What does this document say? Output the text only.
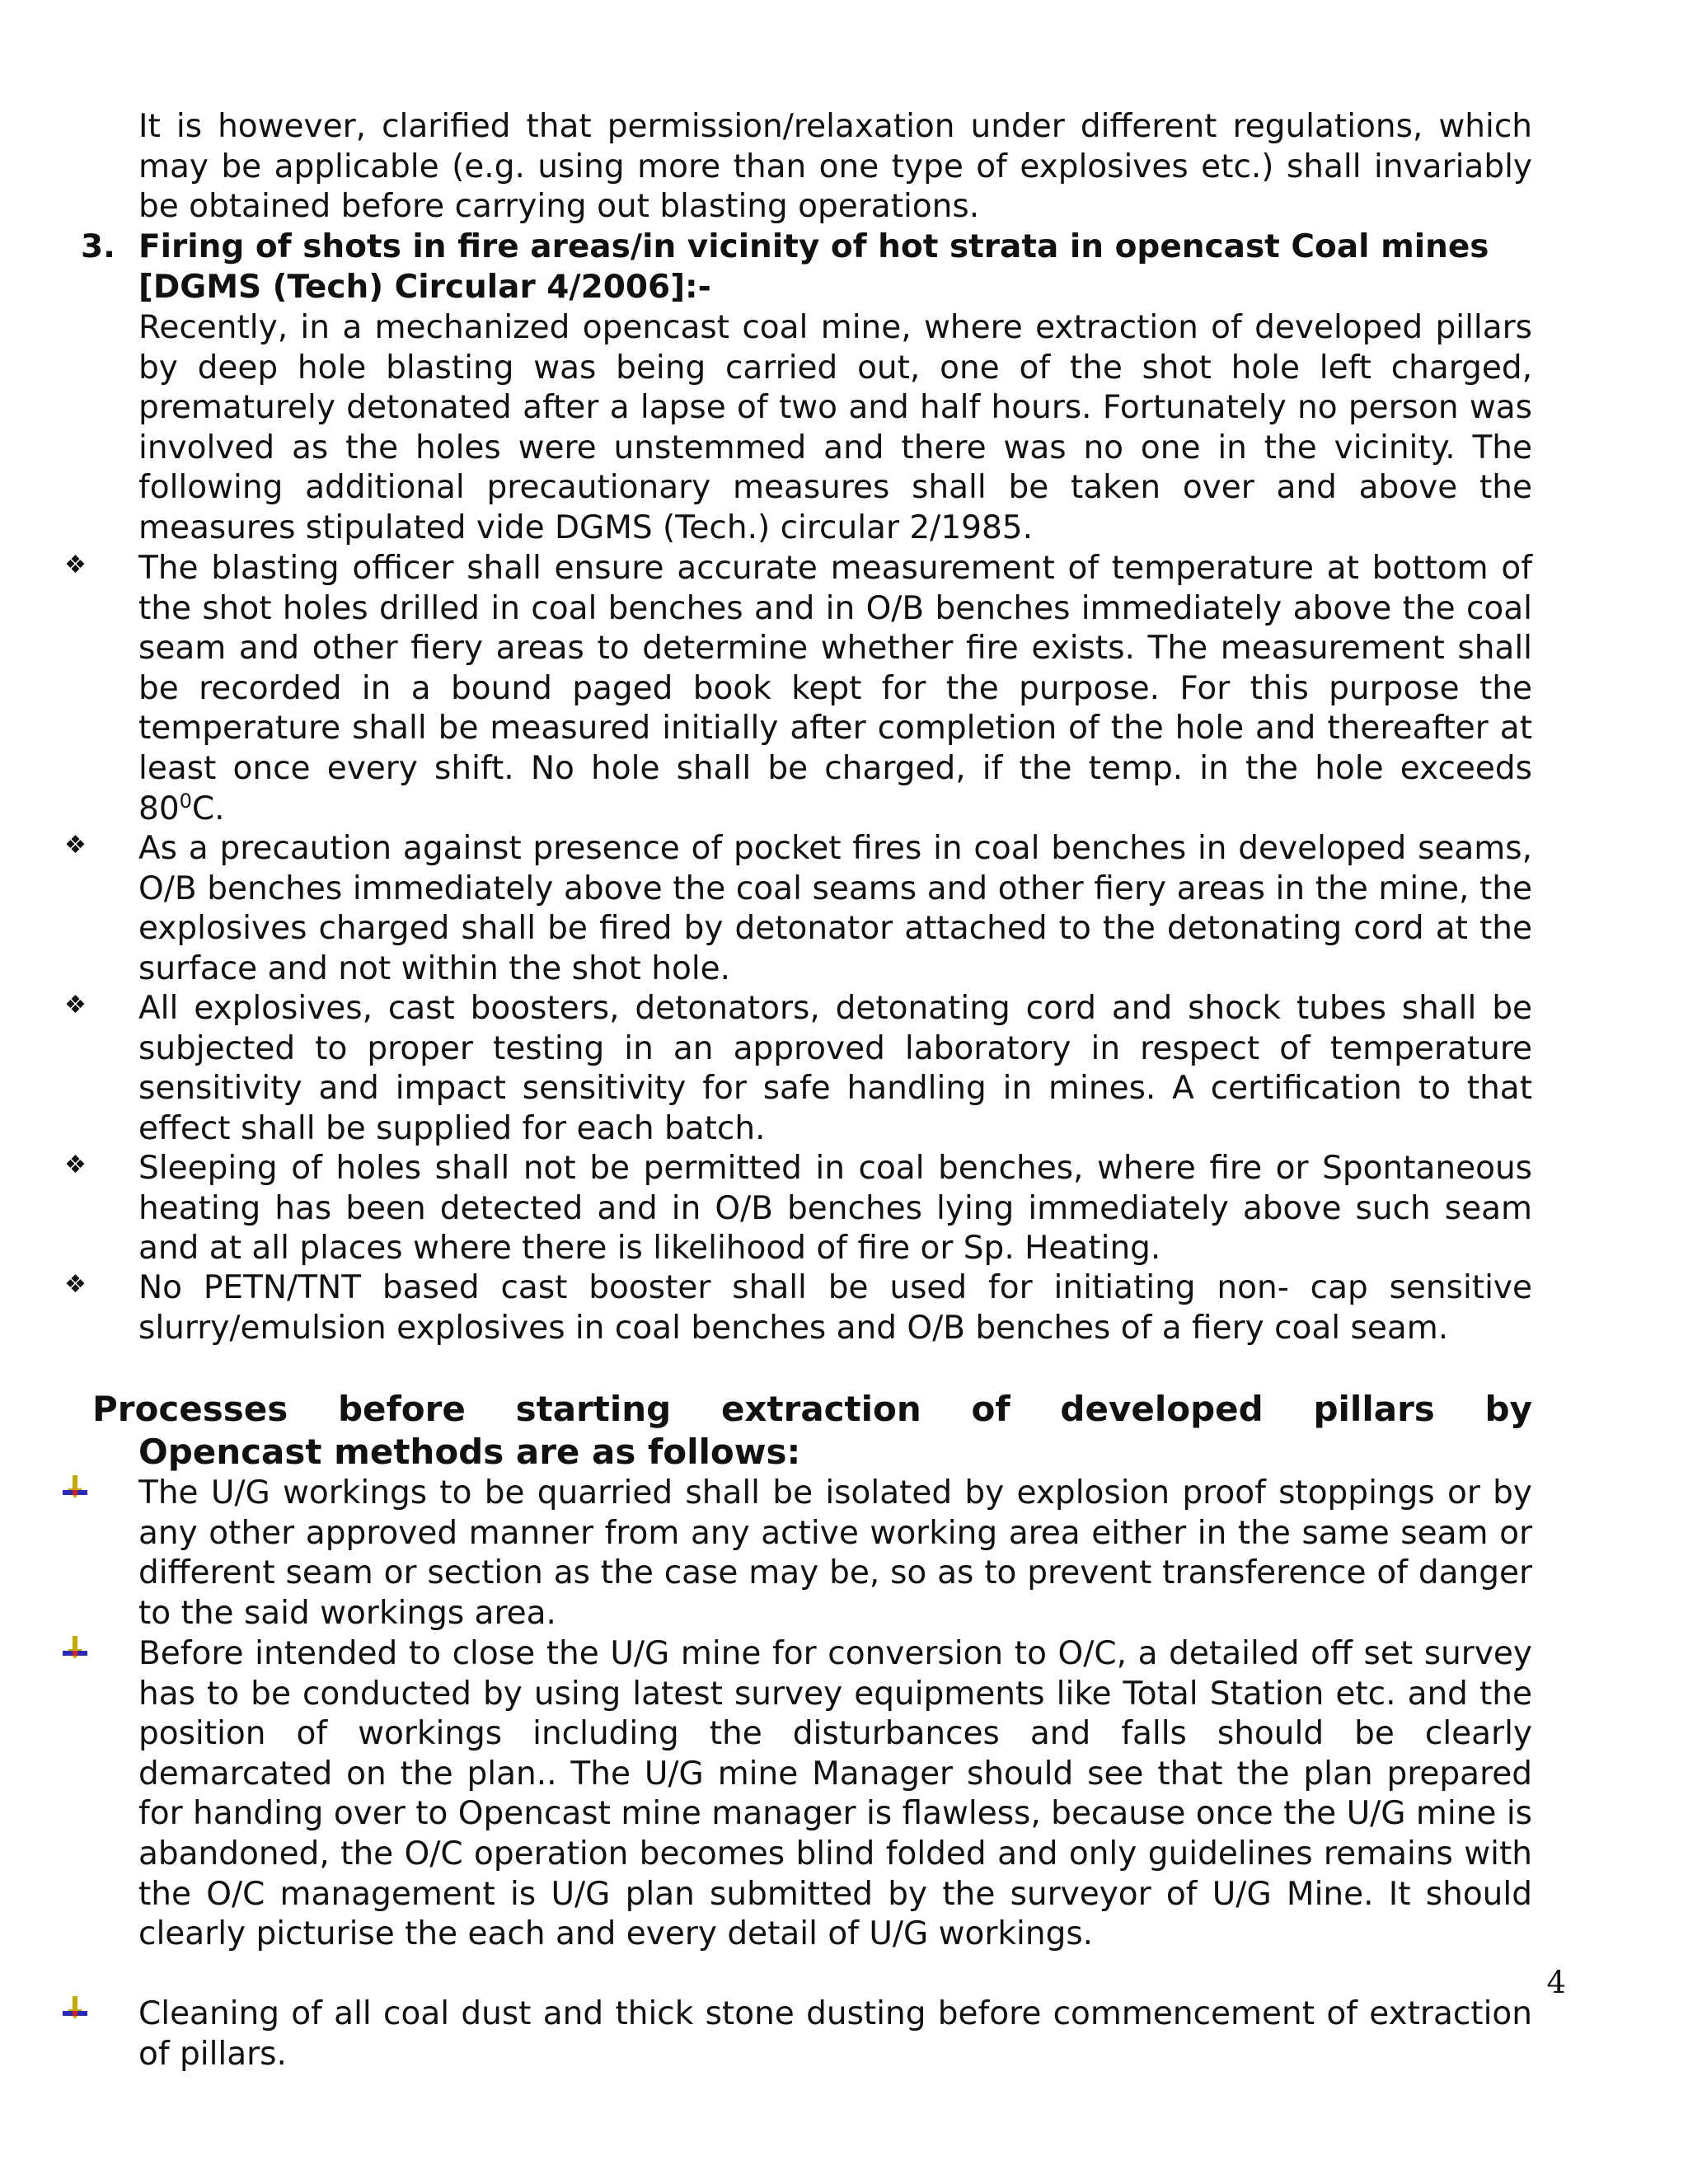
It is however, clarified that permission/relaxation under different regulations, which may be applicable (e.g. using more than one type of explosives etc.) shall invariably be obtained before carrying out blasting operations.

3. Firing of shots in fire areas/in vicinity of hot strata in opencast Coal mines
[DGMS (Tech) Circular 4/2006]:-

Recently, in a mechanized opencast coal mine, where extraction of developed pillars by deep hole blasting was being carried out, one of the shot hole left charged, prematurely detonated after a lapse of two and half hours. Fortunately no person was involved as the holes were unstemmed and there was no one in the vicinity. The following additional precautionary measures shall be taken over and above the measures stipulated vide DGMS (Tech.) circular 2/1985.

❖ The blasting officer shall ensure accurate measurement of temperature at bottom of the shot holes drilled in coal benches and in O/B benches immediately above the coal seam and other fiery areas to determine whether fire exists. The measurement shall be recorded in a bound paged book kept for the purpose. For this purpose the temperature shall be measured initially after completion of the hole and thereafter at least once every shift. No hole shall be charged, if the temp. in the hole exceeds $80^0C$.

❖ As a precaution against presence of pocket fires in coal benches in developed seams, O/B benches immediately above the coal seams and other fiery areas in the mine, the explosives charged shall be fired by detonator attached to the detonating cord at the surface and not within the shot hole.

❖ All explosives, cast boosters, detonators, detonating cord and shock tubes shall be subjected to proper testing in an approved laboratory in respect of temperature sensitivity and impact sensitivity for safe handling in mines. A certification to that effect shall be supplied for each batch.

❖ Sleeping of holes shall not be permitted in coal benches, where fire or Spontaneous heating has been detected and in O/B benches lying immediately above such seam and at all places where there is likelihood of fire or Sp. Heating.

❖ No PETN/TNT based cast booster shall be used for initiating non- cap sensitive slurry/emulsion explosives in coal benches and O/B benches of a fiery coal seam.

Processes before starting extraction of developed pillars by
Opencast methods are as follows:

The U/G workings to be quarried shall be isolated by explosion proof stoppings or by any other approved manner from any active working area either in the same seam or different seam or section as the case may be, so as to prevent transference of danger to the said workings area.

Before intended to close the U/G mine for conversion to O/C, a detailed off set survey has to be conducted by using latest survey equipments like Total Station etc. and the position of workings including the disturbances and falls should be clearly demarcated on the plan.. The U/G mine Manager should see that the plan prepared for handing over to Opencast mine manager is flawless, because once the U/G mine is abandoned, the O/C operation becomes blind folded and only guidelines remains with the O/C management is U/G plan submitted by the surveyor of U/G Mine. It should clearly picturise the each and every detail of U/G workings.

Cleaning of all coal dust and thick stone dusting before commencement of extraction of pillars.

4
